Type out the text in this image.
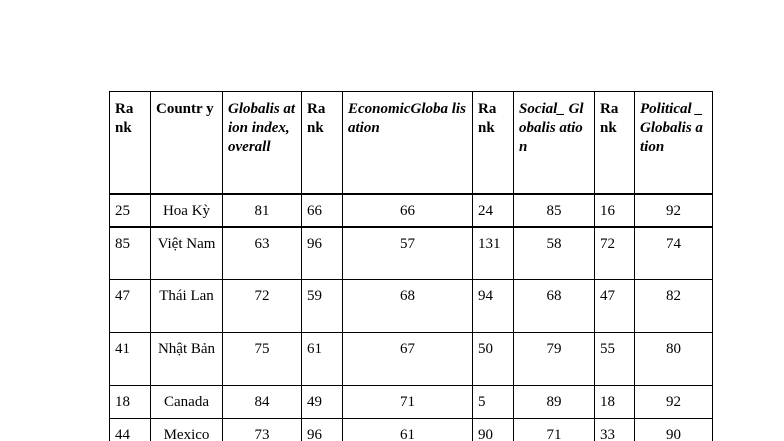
Ra nk	Countr y	Globalis ation index, overall	Ra nk	EconomicGloba lisation	Ra nk	Social_ Globalis ation	Ra nk	Political _Globalis ation
25	Hoa Kỳ	81	66	66	24	85	16	92
85	Việt Nam	63	96	57	131	58	72	74
47	Thái Lan	72	59	68	94	68	47	82
41	Nhật Bản	75	61	67	50	79	55	80
18	Canada	84	49	71	5	89	18	92
44	Mexico	73	96	61	90	71	33	90
